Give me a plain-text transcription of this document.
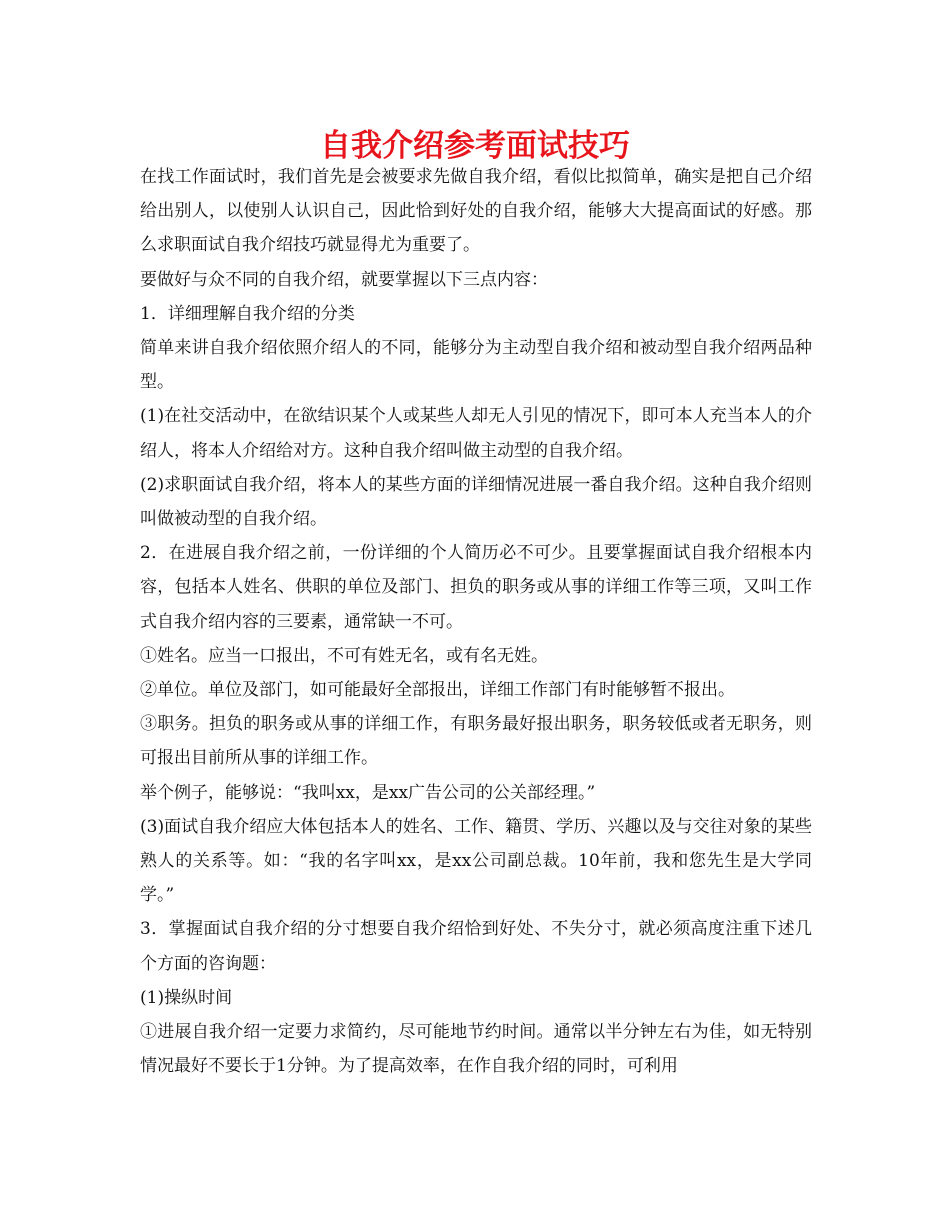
自我介绍参考面试技巧

在找工作面试时，我们首先是会被要求先做自我介绍，看似比拟简单，确实是把自己介绍给出别人，以使别人认识自己，因此恰到好处的自我介绍，能够大大提高面试的好感。那么求职面试自我介绍技巧就显得尤为重要了。

要做好与众不同的自我介绍，就要掌握以下三点内容：

1．详细理解自我介绍的分类

简单来讲自我介绍依照介绍人的不同，能够分为主动型自我介绍和被动型自我介绍两品种型。

(1)在社交活动中，在欲结识某个人或某些人却无人引见的情况下，即可本人充当本人的介绍人，将本人介绍给对方。这种自我介绍叫做主动型的自我介绍。

(2)求职面试自我介绍，将本人的某些方面的详细情况进展一番自我介绍。这种自我介绍则叫做被动型的自我介绍。

2．在进展自我介绍之前，一份详细的个人简历必不可少。且要掌握面试自我介绍根本内容，包括本人姓名、供职的单位及部门、担负的职务或从事的详细工作等三项，又叫工作式自我介绍内容的三要素，通常缺一不可。

①姓名。应当一口报出，不可有姓无名，或有名无姓。

②单位。单位及部门，如可能最好全部报出，详细工作部门有时能够暂不报出。

③职务。担负的职务或从事的详细工作，有职务最好报出职务，职务较低或者无职务，则可报出目前所从事的详细工作。

举个例子，能够说：“我叫xx，是xx广告公司的公关部经理。”

(3)面试自我介绍应大体包括本人的姓名、工作、籍贯、学历、兴趣以及与交往对象的某些熟人的关系等。如：“我的名字叫xx，是xx公司副总裁。10年前，我和您先生是大学同学。”

3．掌握面试自我介绍的分寸想要自我介绍恰到好处、不失分寸，就必须高度注重下述几个方面的咨询题：

(1)操纵时间

①进展自我介绍一定要力求简约，尽可能地节约时间。通常以半分钟左右为佳，如无特别情况最好不要长于1分钟。为了提高效率，在作自我介绍的同时，可利用
